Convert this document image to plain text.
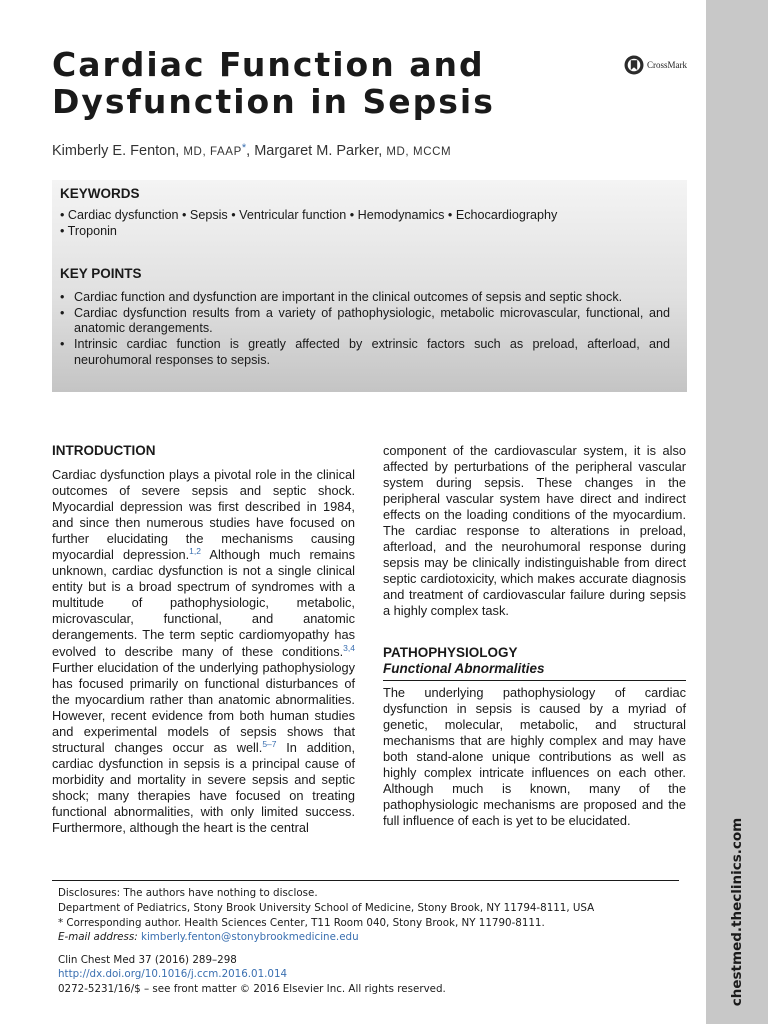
chestmed.theclinics.com
Cardiac Function and
Dysfunction in Sepsis
CrossMark
Kimberly E. Fenton, MD, FAAP*, Margaret M. Parker, MD, MCCM
KEYWORDS
• Cardiac dysfunction • Sepsis • Ventricular function • Hemodynamics • Echocardiography
• Troponin
KEY POINTS
• Cardiac function and dysfunction are important in the clinical outcomes of sepsis and septic shock.
• Cardiac dysfunction results from a variety of pathophysiologic, metabolic microvascular, functional, and anatomic derangements.
• Intrinsic cardiac function is greatly affected by extrinsic factors such as preload, afterload, and neurohumoral responses to sepsis.
INTRODUCTION

Cardiac dysfunction plays a pivotal role in the clinical outcomes of severe sepsis and septic shock. Myocardial depression was first described in 1984, and since then numerous studies have focused on further elucidating the mechanisms causing myocardial depression.$^{1,2}$ Although much remains unknown, cardiac dysfunction is not a single clinical entity but is a broad spectrum of syndromes with a multitude of pathophysiologic, metabolic, microvascular, functional, and anatomic derangements. The term septic cardiomyopathy has evolved to describe many of these conditions.$^{3,4}$ Further elucidation of the underlying pathophysiology has focused primarily on functional disturbances of the myocardium rather than anatomic abnormalities. However, recent evidence from both human studies and experimental models of sepsis shows that structural changes occur as well.$^{5-7}$ In addition, cardiac dysfunction in sepsis is a principal cause of morbidity and mortality in severe sepsis and septic shock; many therapies have focused on treating functional abnormalities, with only limited success. Furthermore, although the heart is the central

component of the cardiovascular system, it is also affected by perturbations of the peripheral vascular system during sepsis. These changes in the peripheral vascular system have direct and indirect effects on the loading conditions of the myocardium. The cardiac response to alterations in preload, afterload, and the neurohumoral response during sepsis may be clinically indistinguishable from direct septic cardiotoxicity, which makes accurate diagnosis and treatment of cardiovascular failure during sepsis a highly complex task.

PATHOPHYSIOLOGY
Functional Abnormalities

The underlying pathophysiology of cardiac dysfunction in sepsis is caused by a myriad of genetic, molecular, metabolic, and structural mechanisms that are highly complex and may have both stand-alone unique contributions as well as highly complex intricate influences on each other. Although much is known, many of the pathophysiologic mechanisms are proposed and the full influence of each is yet to be elucidated.

Disclosures: The authors have nothing to disclose.
Department of Pediatrics, Stony Brook University School of Medicine, Stony Brook, NY 11794-8111, USA
* Corresponding author. Health Sciences Center, T11 Room 040, Stony Brook, NY 11790-8111.
E-mail address: kimberly.fenton@stonybrookmedicine.edu
Clin Chest Med 37 (2016) 289–298
http://dx.doi.org/10.1016/j.ccm.2016.01.014
0272-5231/16/$ – see front matter © 2016 Elsevier Inc. All rights reserved.
